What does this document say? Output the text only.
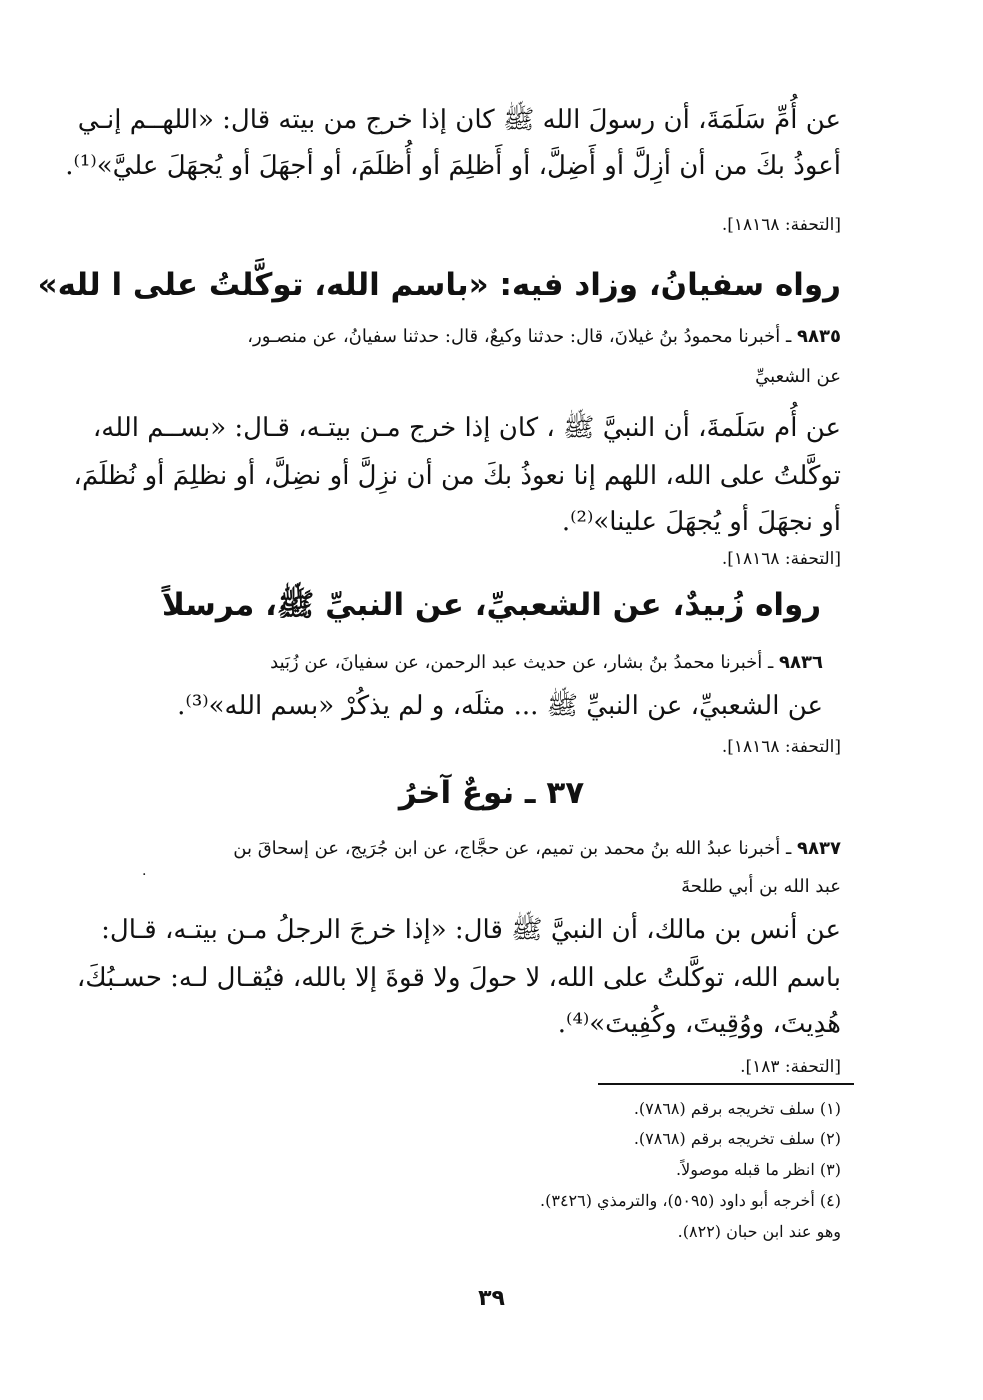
عن أُمِّ سَلَمَةَ، أن رسولَ الله ﷺ كان إذا خرج من بيته قال: «اللهــم إنـي
أعوذُ بكَ من أن أزِلَّ أو أَضِلَّ، أو أَظلِمَ أو أُظلَمَ، أو أجهَلَ أو يُجهَلَ عليَّ»⁽¹⁾.
[التحفة: ١٨١٦٨].
رواه سفيانُ، وزاد فيه: «باسم الله، توكَّلتُ على ا لله»
٩٨٣٥ ـ أخبرنا محمودُ بنُ غيلانَ، قال: حدثنا وكيعٌ، قال: حدثنا سفيانُ، عن منصـور،
عن الشعبيِّ
عن أُم سَلَمةَ، أن النبيَّ ﷺ ، كان إذا خرج مـن بيتـه، قـال: «بســم الله،
توكَّلتُ على الله، اللهم إنا نعوذُ بكَ من أن نزِلَّ أو نضِلَّ، أو نظلِمَ أو نُظلَمَ،
أو نجهَلَ أو يُجهَلَ علينا»⁽²⁾.
[التحفة: ١٨١٦٨].
رواه زُبيدٌ، عن الشعبيِّ، عن النبيِّ ﷺ، مرسلاً
٩٨٣٦ ـ أخبرنا محمدُ بنُ بشار، عن حديث عبد الرحمن، عن سفيانَ، عن زُبَيد
عن الشعبيِّ، عن النبيِّ ﷺ ... مثلَه، و لم يذكُرْ «بسم الله»⁽³⁾.
[التحفة: ١٨١٦٨].
٣٧ ـ نوعٌ آخرُ
٩٨٣٧ ـ أخبرنا عبدُ الله بنُ محمد بن تميم، عن حجَّاج، عن ابن جُرَيج، عن إسحاقَ بن
عبد الله بن أبي طلحةَ
عن أنس بن مالك، أن النبيَّ ﷺ قال: «إذا خرجَ الرجلُ مـن بيتـه، قـال:
باسم الله، توكَّلتُ على الله، لا حولَ ولا قوةَ إلا بالله، فيُقـال لـه: حسـبُكَ،
هُدِيتَ، ووُقِيتَ، وكُفِيتَ»⁽⁴⁾.
[التحفة: ١٨٣].
.
(١) سلف تخريجه برقم (٧٨٦٨).
(٢) سلف تخريجه برقم (٧٨٦٨).
(٣) انظر ما قبله موصولاً.
(٤) أخرجه أبو داود (٥٠٩٥)، والترمذي (٣٤٢٦).
وهو عند ابن حبان (٨٢٢).
٣٩
